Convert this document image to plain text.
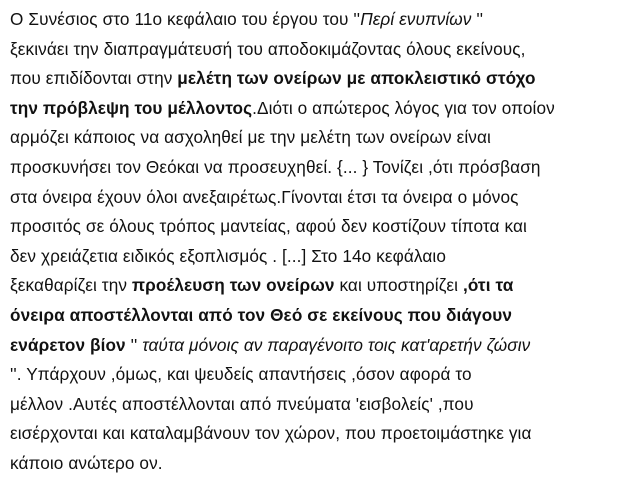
Ο Συνέσιος στο 11ο κεφάλαιο του έργου του ''Περί ενυπνίων ''
ξεκινάει την διαπραγμάτευσή του αποδοκιμάζοντας όλους εκείνους,
που επιδίδονται στην μελέτη των ονείρων με αποκλειστικό στόχο
την πρόβλεψη του μέλλοντος.Διότι ο απώτερος λόγος για τον οποίον
αρμόζει κάποιος να ασχοληθεί με την μελέτη των ονείρων είναι
προσκυνήσει τον Θεόκαι να προσευχηθεί. {... } Τονίζει ,ότι πρόσβαση
στα όνειρα έχουν όλοι ανεξαιρέτως.Γίνονται έτσι τα όνειρα ο μόνος
προσιτός σε όλους τρόπος μαντείας, αφού δεν κοστίζουν τίποτα και
δεν χρειάζετια ειδικός εξοπλισμός . [...] Στο 14ο κεφάλαιο
ξεκαθαρίζει την προέλευση των ονείρων και υποστηρίζει ,ότι τα
όνειρα αποστέλλονται από τον Θεό σε εκείνους που διάγουν
ενάρετον βίον '' ταύτα μόνοις αν παραγένοιτο τοις κατ'αρετήν ζώσιν
''. Υπάρχουν ,όμως, και ψευδείς απαντήσεις ,όσον αφορά το
μέλλον .Αυτές αποστέλλονται από πνεύματα 'εισβολείς' ,που
εισέρχονται και καταλαμβάνουν τον χώρον, που προετοιμάστηκε για
κάποιο ανώτερο ον.
